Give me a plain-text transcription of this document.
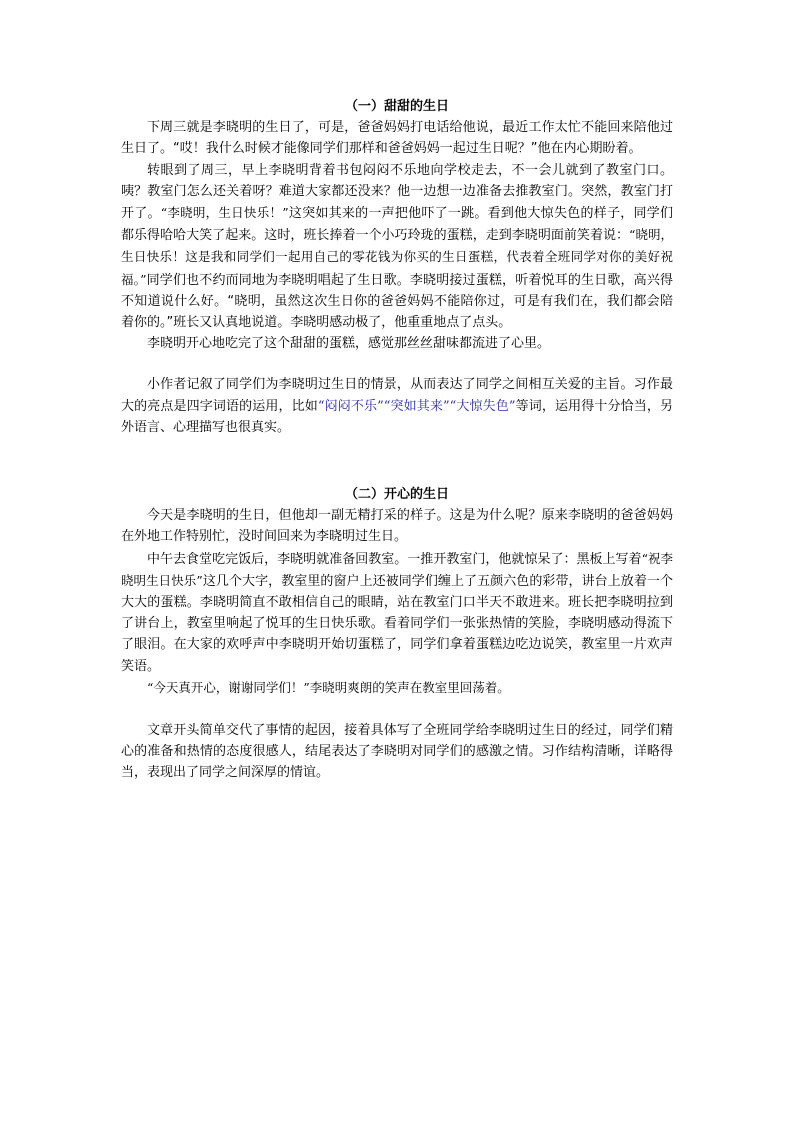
（一）甜甜的生日

下周三就是李晓明的生日了，可是，爸爸妈妈打电话给他说，最近工作太忙不能回来陪他过生日了。“哎！我什么时候才能像同学们那样和爸爸妈妈一起过生日呢？”他在内心期盼着。

转眼到了周三，早上李晓明背着书包闷闷不乐地向学校走去，不一会儿就到了教室门口。咦？教室门怎么还关着呀？难道大家都还没来？他一边想一边准备去推教室门。突然，教室门打开了。“李晓明，生日快乐！”这突如其来的一声把他吓了一跳。看到他大惊失色的样子，同学们都乐得哈哈大笑了起来。这时，班长捧着一个小巧玲珑的蛋糕，走到李晓明面前笑着说：“晓明，生日快乐！这是我和同学们一起用自己的零花钱为你买的生日蛋糕，代表着全班同学对你的美好祝福。”同学们也不约而同地为李晓明唱起了生日歌。李晓明接过蛋糕，听着悦耳的生日歌，高兴得不知道说什么好。“晓明，虽然这次生日你的爸爸妈妈不能陪你过，可是有我们在，我们都会陪着你的。”班长又认真地说道。李晓明感动极了，他重重地点了点头。

李晓明开心地吃完了这个甜甜的蛋糕，感觉那丝丝甜味都流进了心里。

小作者记叙了同学们为李晓明过生日的情景，从而表达了同学之间相互关爱的主旨。习作最大的亮点是四字词语的运用，比如“闷闷不乐”“突如其来”“大惊失色”等词，运用得十分恰当，另外语言、心理描写也很真实。

（二）开心的生日

今天是李晓明的生日，但他却一副无精打采的样子。这是为什么呢？原来李晓明的爸爸妈妈在外地工作特别忙，没时间回来为李晓明过生日。

中午去食堂吃完饭后，李晓明就准备回教室。一推开教室门，他就惊呆了：黑板上写着“祝李晓明生日快乐”这几个大字，教室里的窗户上还被同学们缠上了五颜六色的彩带，讲台上放着一个大大的蛋糕。李晓明简直不敢相信自己的眼睛，站在教室门口半天不敢进来。班长把李晓明拉到了讲台上，教室里响起了悦耳的生日快乐歌。看着同学们一张张热情的笑脸，李晓明感动得流下了眼泪。在大家的欢呼声中李晓明开始切蛋糕了，同学们拿着蛋糕边吃边说笑，教室里一片欢声笑语。

“今天真开心，谢谢同学们！”李晓明爽朗的笑声在教室里回荡着。

文章开头简单交代了事情的起因，接着具体写了全班同学给李晓明过生日的经过，同学们精心的准备和热情的态度很感人，结尾表达了李晓明对同学们的感激之情。习作结构清晰，详略得当，表现出了同学之间深厚的情谊。
